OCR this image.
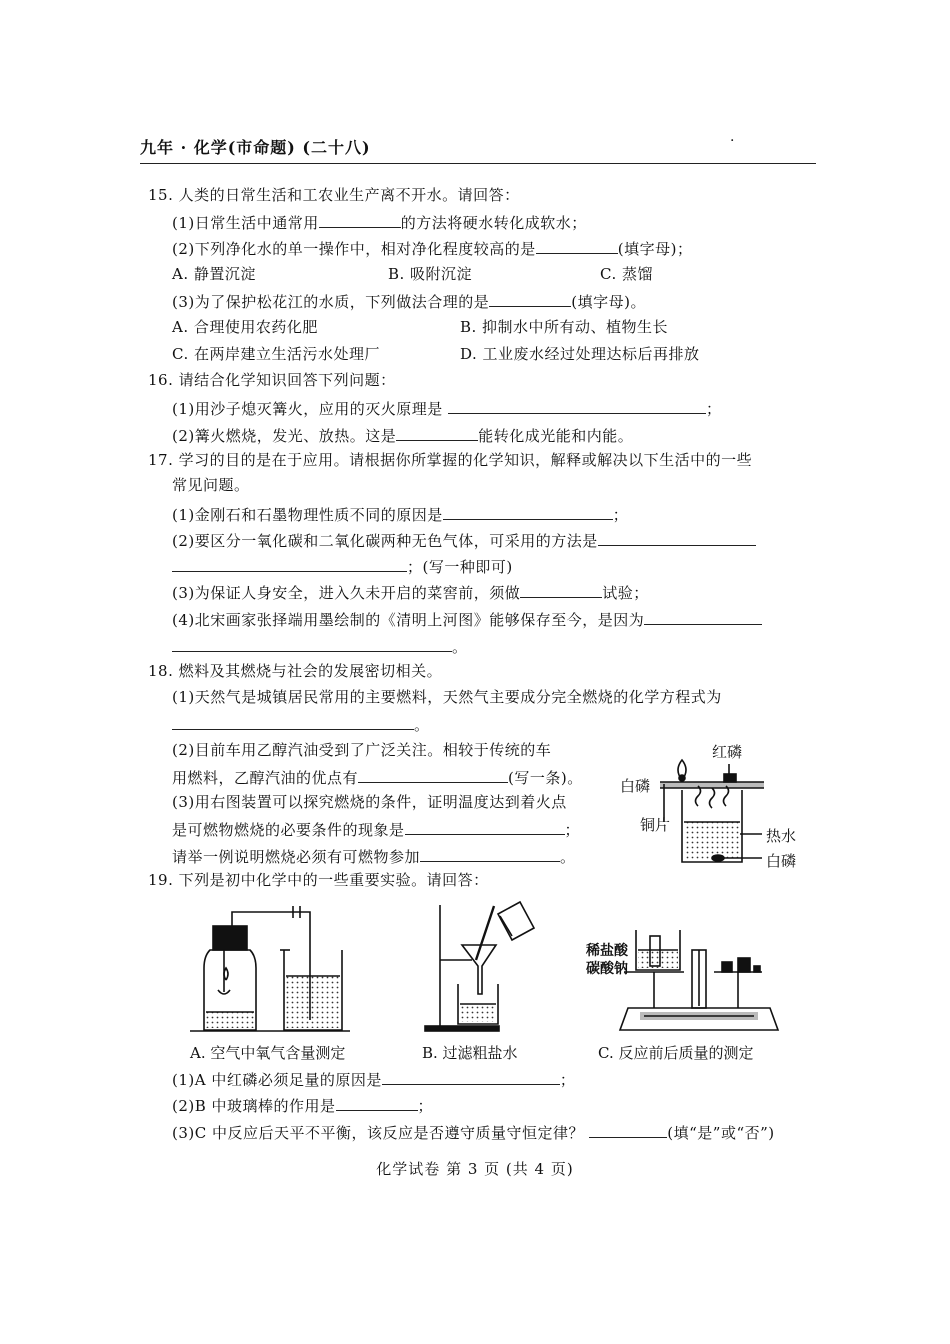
九年 · 化学(市命题) (二十八)	·
15. 人类的日常生活和工农业生产离不开水。请回答：
(1)日常生活中通常用	的方法将硬水转化成软水；
(2)下列净化水的单一操作中，相对净化程度较高的是	(填字母)；
A. 静置沉淀	B. 吸附沉淀	C. 蒸馏
(3)为了保护松花江的水质，下列做法合理的是	(填字母)。
A. 合理使用农药化肥	B. 抑制水中所有动、植物生长
C. 在两岸建立生活污水处理厂	D. 工业废水经过处理达标后再排放
16. 请结合化学知识回答下列问题：
(1)用沙子熄灭篝火，应用的灭火原理是	；
(2)篝火燃烧，发光、放热。这是	能转化成光能和内能。
17. 学习的目的是在于应用。请根据你所掌握的化学知识，解释或解决以下生活中的一些
常见问题。
(1)金刚石和石墨物理性质不同的原因是	；
(2)要区分一氧化碳和二氧化碳两种无色气体，可采用的方法是
；(写一种即可)
(3)为保证人身安全，进入久未开启的菜窖前，须做	试验；
(4)北宋画家张择端用墨绘制的《清明上河图》能够保存至今，是因为
。
18. 燃料及其燃烧与社会的发展密切相关。
(1)天然气是城镇居民常用的主要燃料，天然气主要成分完全燃烧的化学方程式为
。
(2)目前车用乙醇汽油受到了广泛关注。相较于传统的车
用燃料，乙醇汽油的优点有	(写一条)。
(3)用右图装置可以探究燃烧的条件，证明温度达到着火点
是可燃物燃烧的必要条件的现象是	；
请举一例说明燃烧必须有可燃物参加	。
红磷
白磷
铜片
热水
白磷
19. 下列是初中化学中的一些重要实验。请回答：
稀盐酸
碳酸钠
A. 空气中氧气含量测定	B. 过滤粗盐水	C. 反应前后质量的测定
(1)A 中红磷必须足量的原因是	；
(2)B 中玻璃棒的作用是	；
(3)C 中反应后天平不平衡，该反应是否遵守质量守恒定律？	(填“是”或“否”)
化学试卷 第 3 页 (共 4 页)
